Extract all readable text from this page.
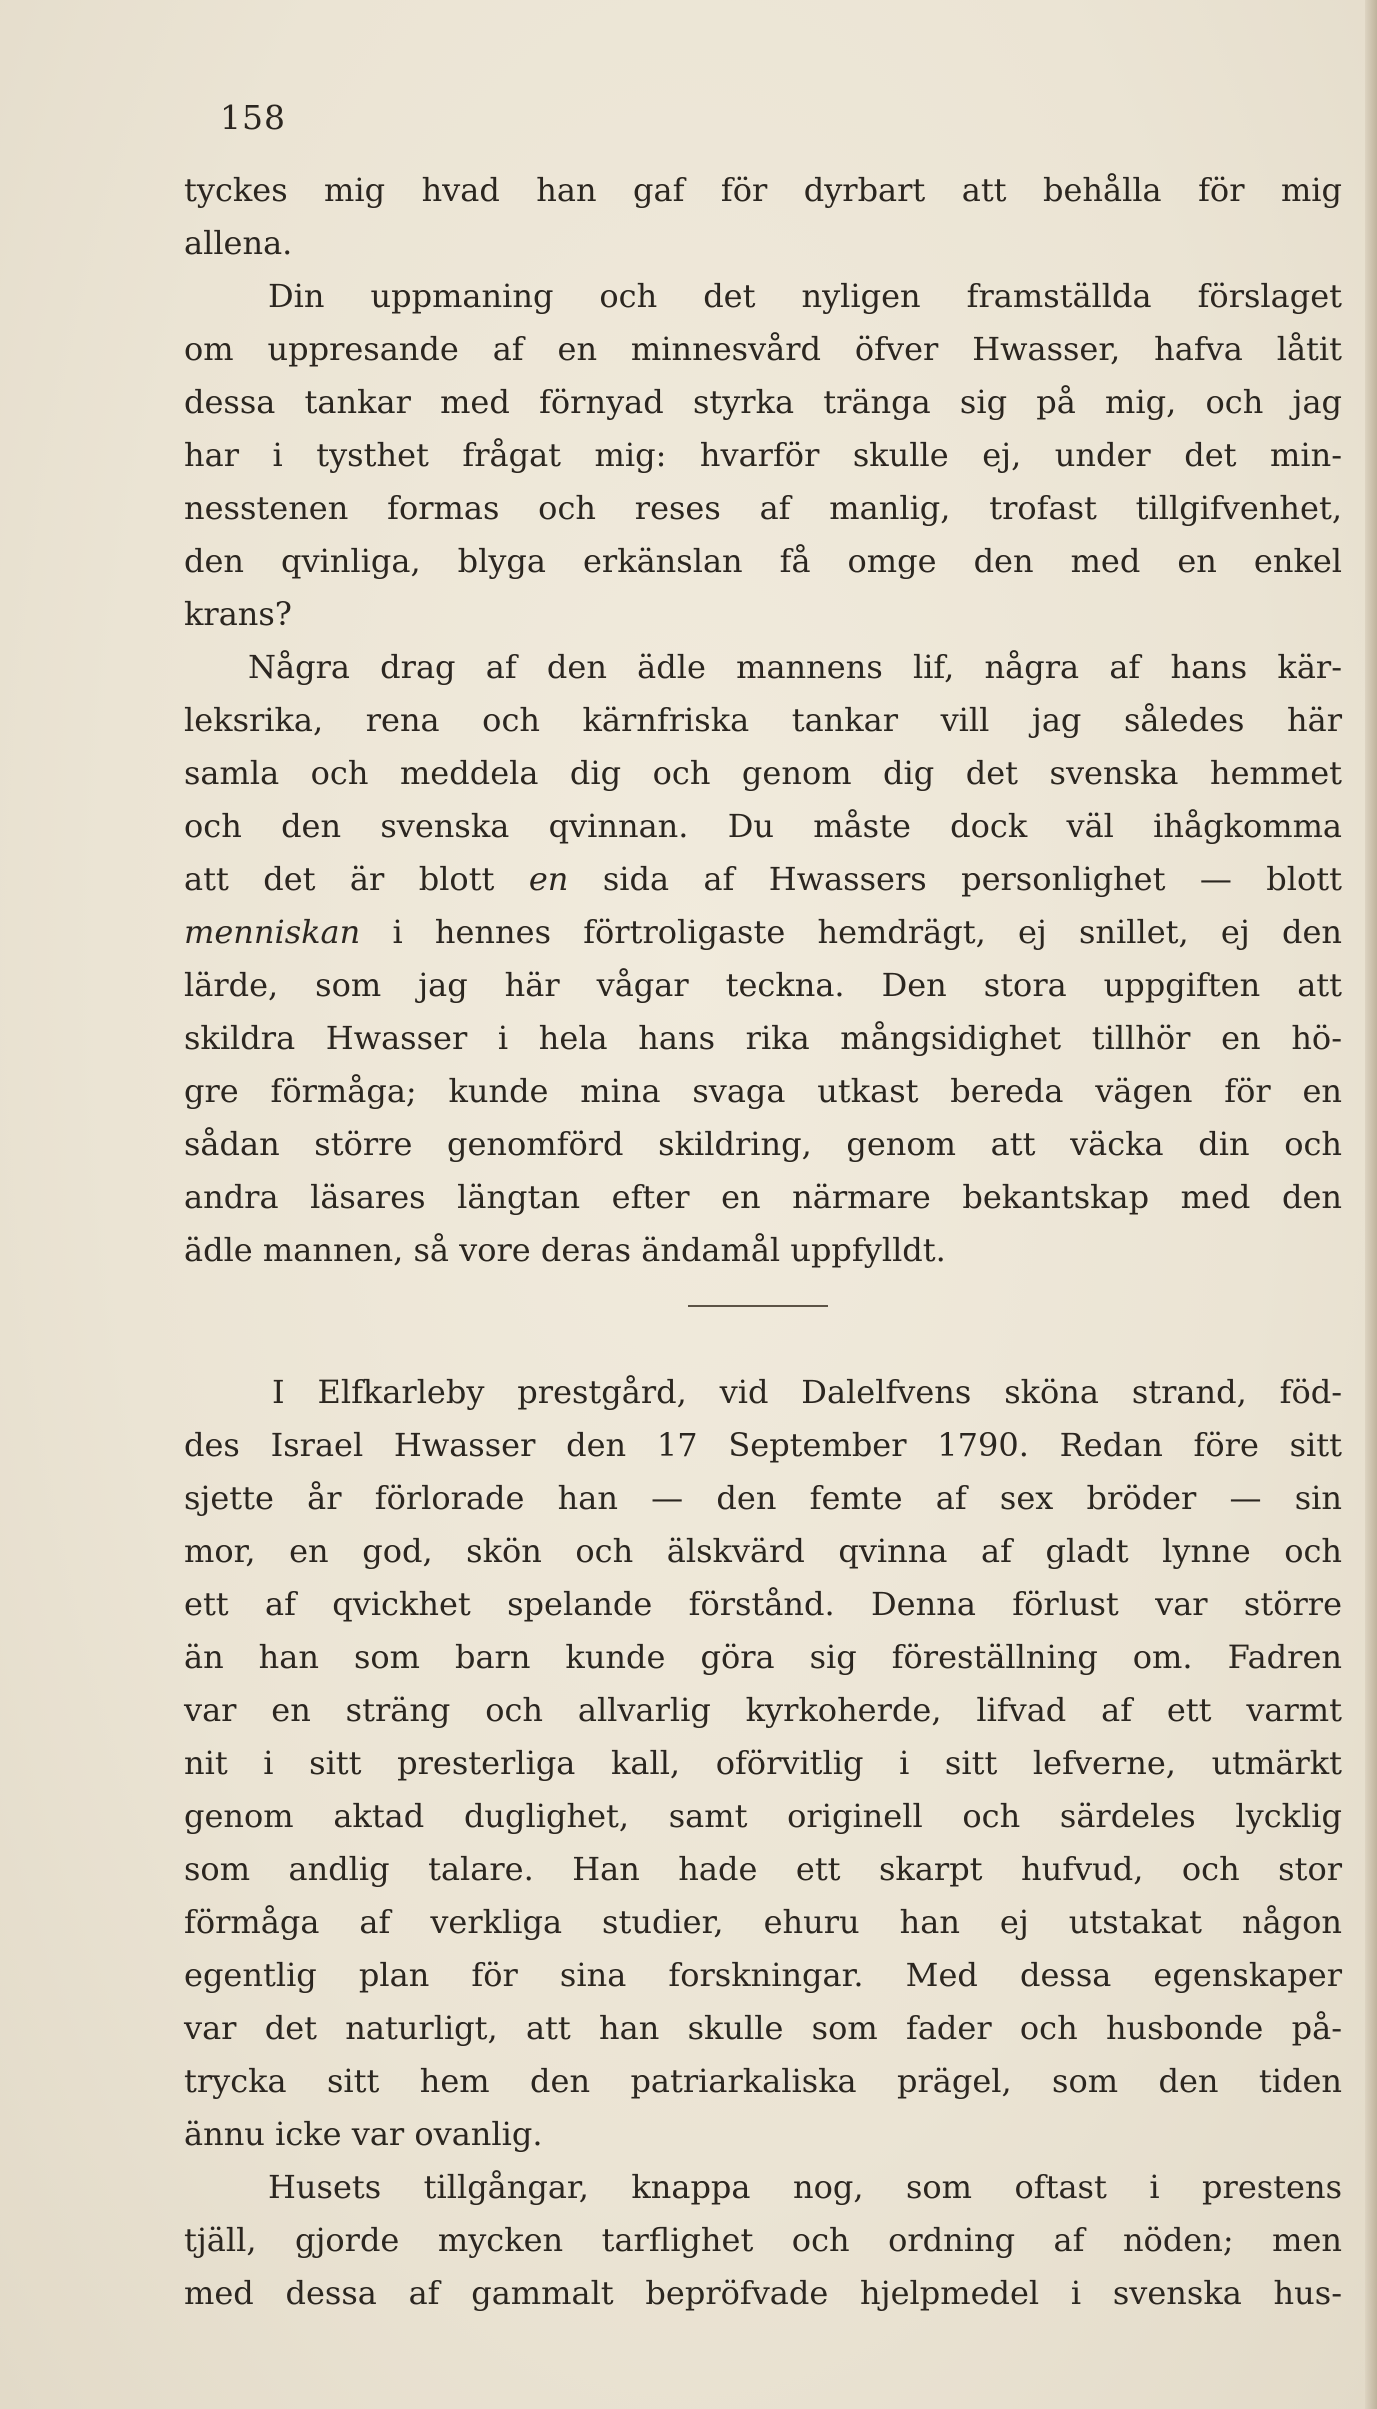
158
tyckes mig hvad han gaf för dyrbart att behålla för mig
allena.
Din uppmaning och det nyligen framställda förslaget
om uppresande af en minnesvård öfver Hwasser, hafva låtit
dessa tankar med förnyad styrka tränga sig på mig, och jag
har i tysthet frågat mig: hvarför skulle ej, under det min-
nesstenen formas och reses af manlig, trofast tillgifvenhet,
den qvinliga, blyga erkänslan få omge den med en enkel
krans?
Några drag af den ädle mannens lif, några af hans kär-
leksrika, rena och kärnfriska tankar vill jag således här
samla och meddela dig och genom dig det svenska hemmet
och den svenska qvinnan. Du måste dock väl ihågkomma
att det är blott en sida af Hwassers personlighet — blott
menniskan i hennes förtroligaste hemdrägt, ej snillet, ej den
lärde, som jag här vågar teckna. Den stora uppgiften att
skildra Hwasser i hela hans rika mångsidighet tillhör en hö-
gre förmåga; kunde mina svaga utkast bereda vägen för en
sådan större genomförd skildring, genom att väcka din och
andra läsares längtan efter en närmare bekantskap med den
ädle mannen, så vore deras ändamål uppfylldt.
I Elfkarleby prestgård, vid Dalelfvens sköna strand, föd-
des Israel Hwasser den 17 September 1790. Redan före sitt
sjette år förlorade han — den femte af sex bröder — sin
mor, en god, skön och älskvärd qvinna af gladt lynne och
ett af qvickhet spelande förstånd. Denna förlust var större
än han som barn kunde göra sig föreställning om. Fadren
var en sträng och allvarlig kyrkoherde, lifvad af ett varmt
nit i sitt presterliga kall, oförvitlig i sitt lefverne, utmärkt
genom aktad duglighet, samt originell och särdeles lycklig
som andlig talare. Han hade ett skarpt hufvud, och stor
förmåga af verkliga studier, ehuru han ej utstakat någon
egentlig plan för sina forskningar. Med dessa egenskaper
var det naturligt, att han skulle som fader och husbonde på-
trycka sitt hem den patriarkaliska prägel, som den tiden
ännu icke var ovanlig.
Husets tillgångar, knappa nog, som oftast i prestens
tjäll, gjorde mycken tarflighet och ordning af nöden; men
med dessa af gammalt bepröfvade hjelpmedel i svenska hus-
